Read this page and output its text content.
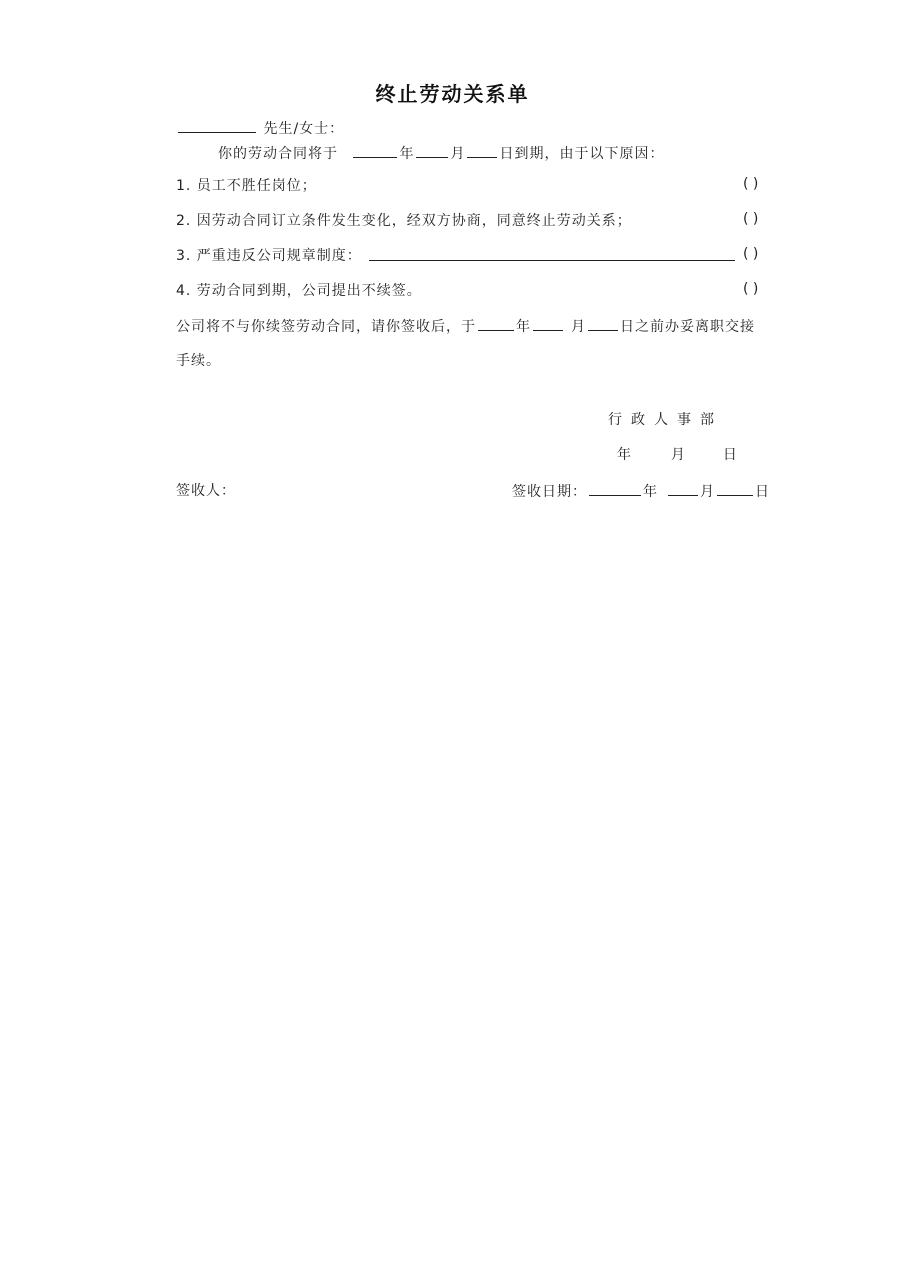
终止劳动关系单
先生/女士：
你的劳动合同将于	年	月 日到期，由于以下原因：
1. 员工不胜任岗位；	( )
2. 因劳动合同订立条件发生变化，经双方协商，同意终止劳动关系；	( )
3. 严重违反公司规章制度：	( )
4. 劳动合同到期，公司提出不续签。	( )
公司将不与你续签劳动合同，请你签收后，于	年	月 日之前办妥离职交接
手续。
行政人事部
年	月	日
签收人：	签收日期：	年	月	日
